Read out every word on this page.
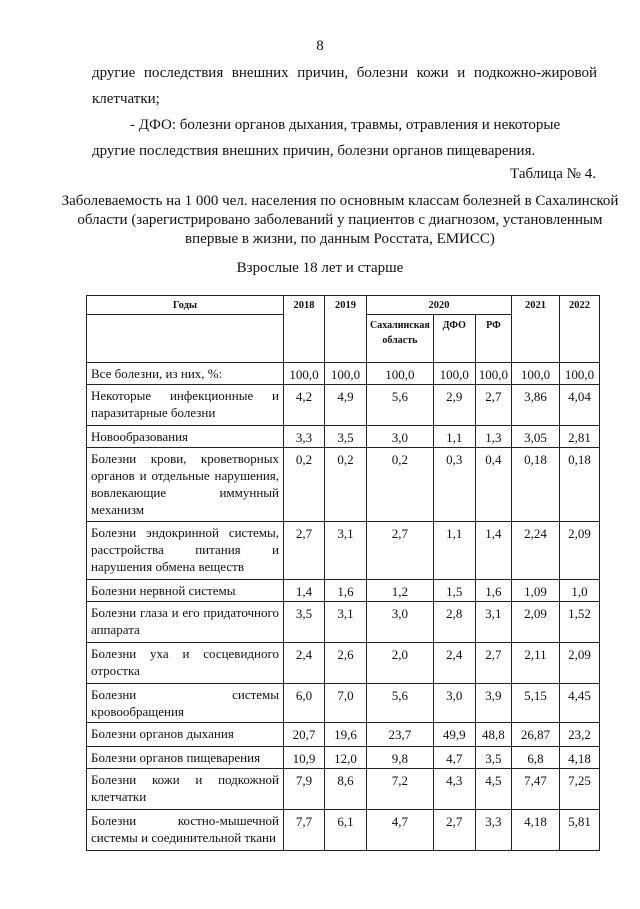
8
другие последствия внешних причин, болезни кожи и подкожно-жировой клетчатки;
- ДФО: болезни органов дыхания, травмы, отравления и некоторые
другие последствия внешних причин, болезни органов пищеварения.
Таблица № 4.
Заболеваемость на 1 000 чел. населения по основным классам болезней в Сахалинской области (зарегистрировано заболеваний у пациентов с диагнозом, установленным впервые в жизни, по данным Росстата, ЕМИСС)
Взрослые 18 лет и старше
Годы	2018	2019	2020			2021	2022
			Сахалинская область	ДФО	РФ		
Все болезни, из них, %:	100,0	100,0	100,0	100,0	100,0	100,0	100,0
Некоторые инфекционные и паразитарные болезни	4,2	4,9	5,6	2,9	2,7	3,86	4,04
Новообразования	3,3	3,5	3,0	1,1	1,3	3,05	2,81
Болезни крови, кроветворных органов и отдельные нарушения, вовлекающие иммунный механизм	0,2	0,2	0,2	0,3	0,4	0,18	0,18
Болезни эндокринной системы, расстройства питания и нарушения обмена веществ	2,7	3,1	2,7	1,1	1,4	2,24	2,09
Болезни нервной системы	1,4	1,6	1,2	1,5	1,6	1,09	1,0
Болезни глаза и его придаточного аппарата	3,5	3,1	3,0	2,8	3,1	2,09	1,52
Болезни уха и сосцевидного отростка	2,4	2,6	2,0	2,4	2,7	2,11	2,09
Болезни системы кровообращения	6,0	7,0	5,6	3,0	3,9	5,15	4,45
Болезни органов дыхания	20,7	19,6	23,7	49,9	48,8	26,87	23,2
Болезни органов пищеварения	10,9	12,0	9,8	4,7	3,5	6,8	4,18
Болезни кожи и подкожной клетчатки	7,9	8,6	7,2	4,3	4,5	7,47	7,25
Болезни костно-мышечной системы и соединительной ткани	7,7	6,1	4,7	2,7	3,3	4,18	5,81
